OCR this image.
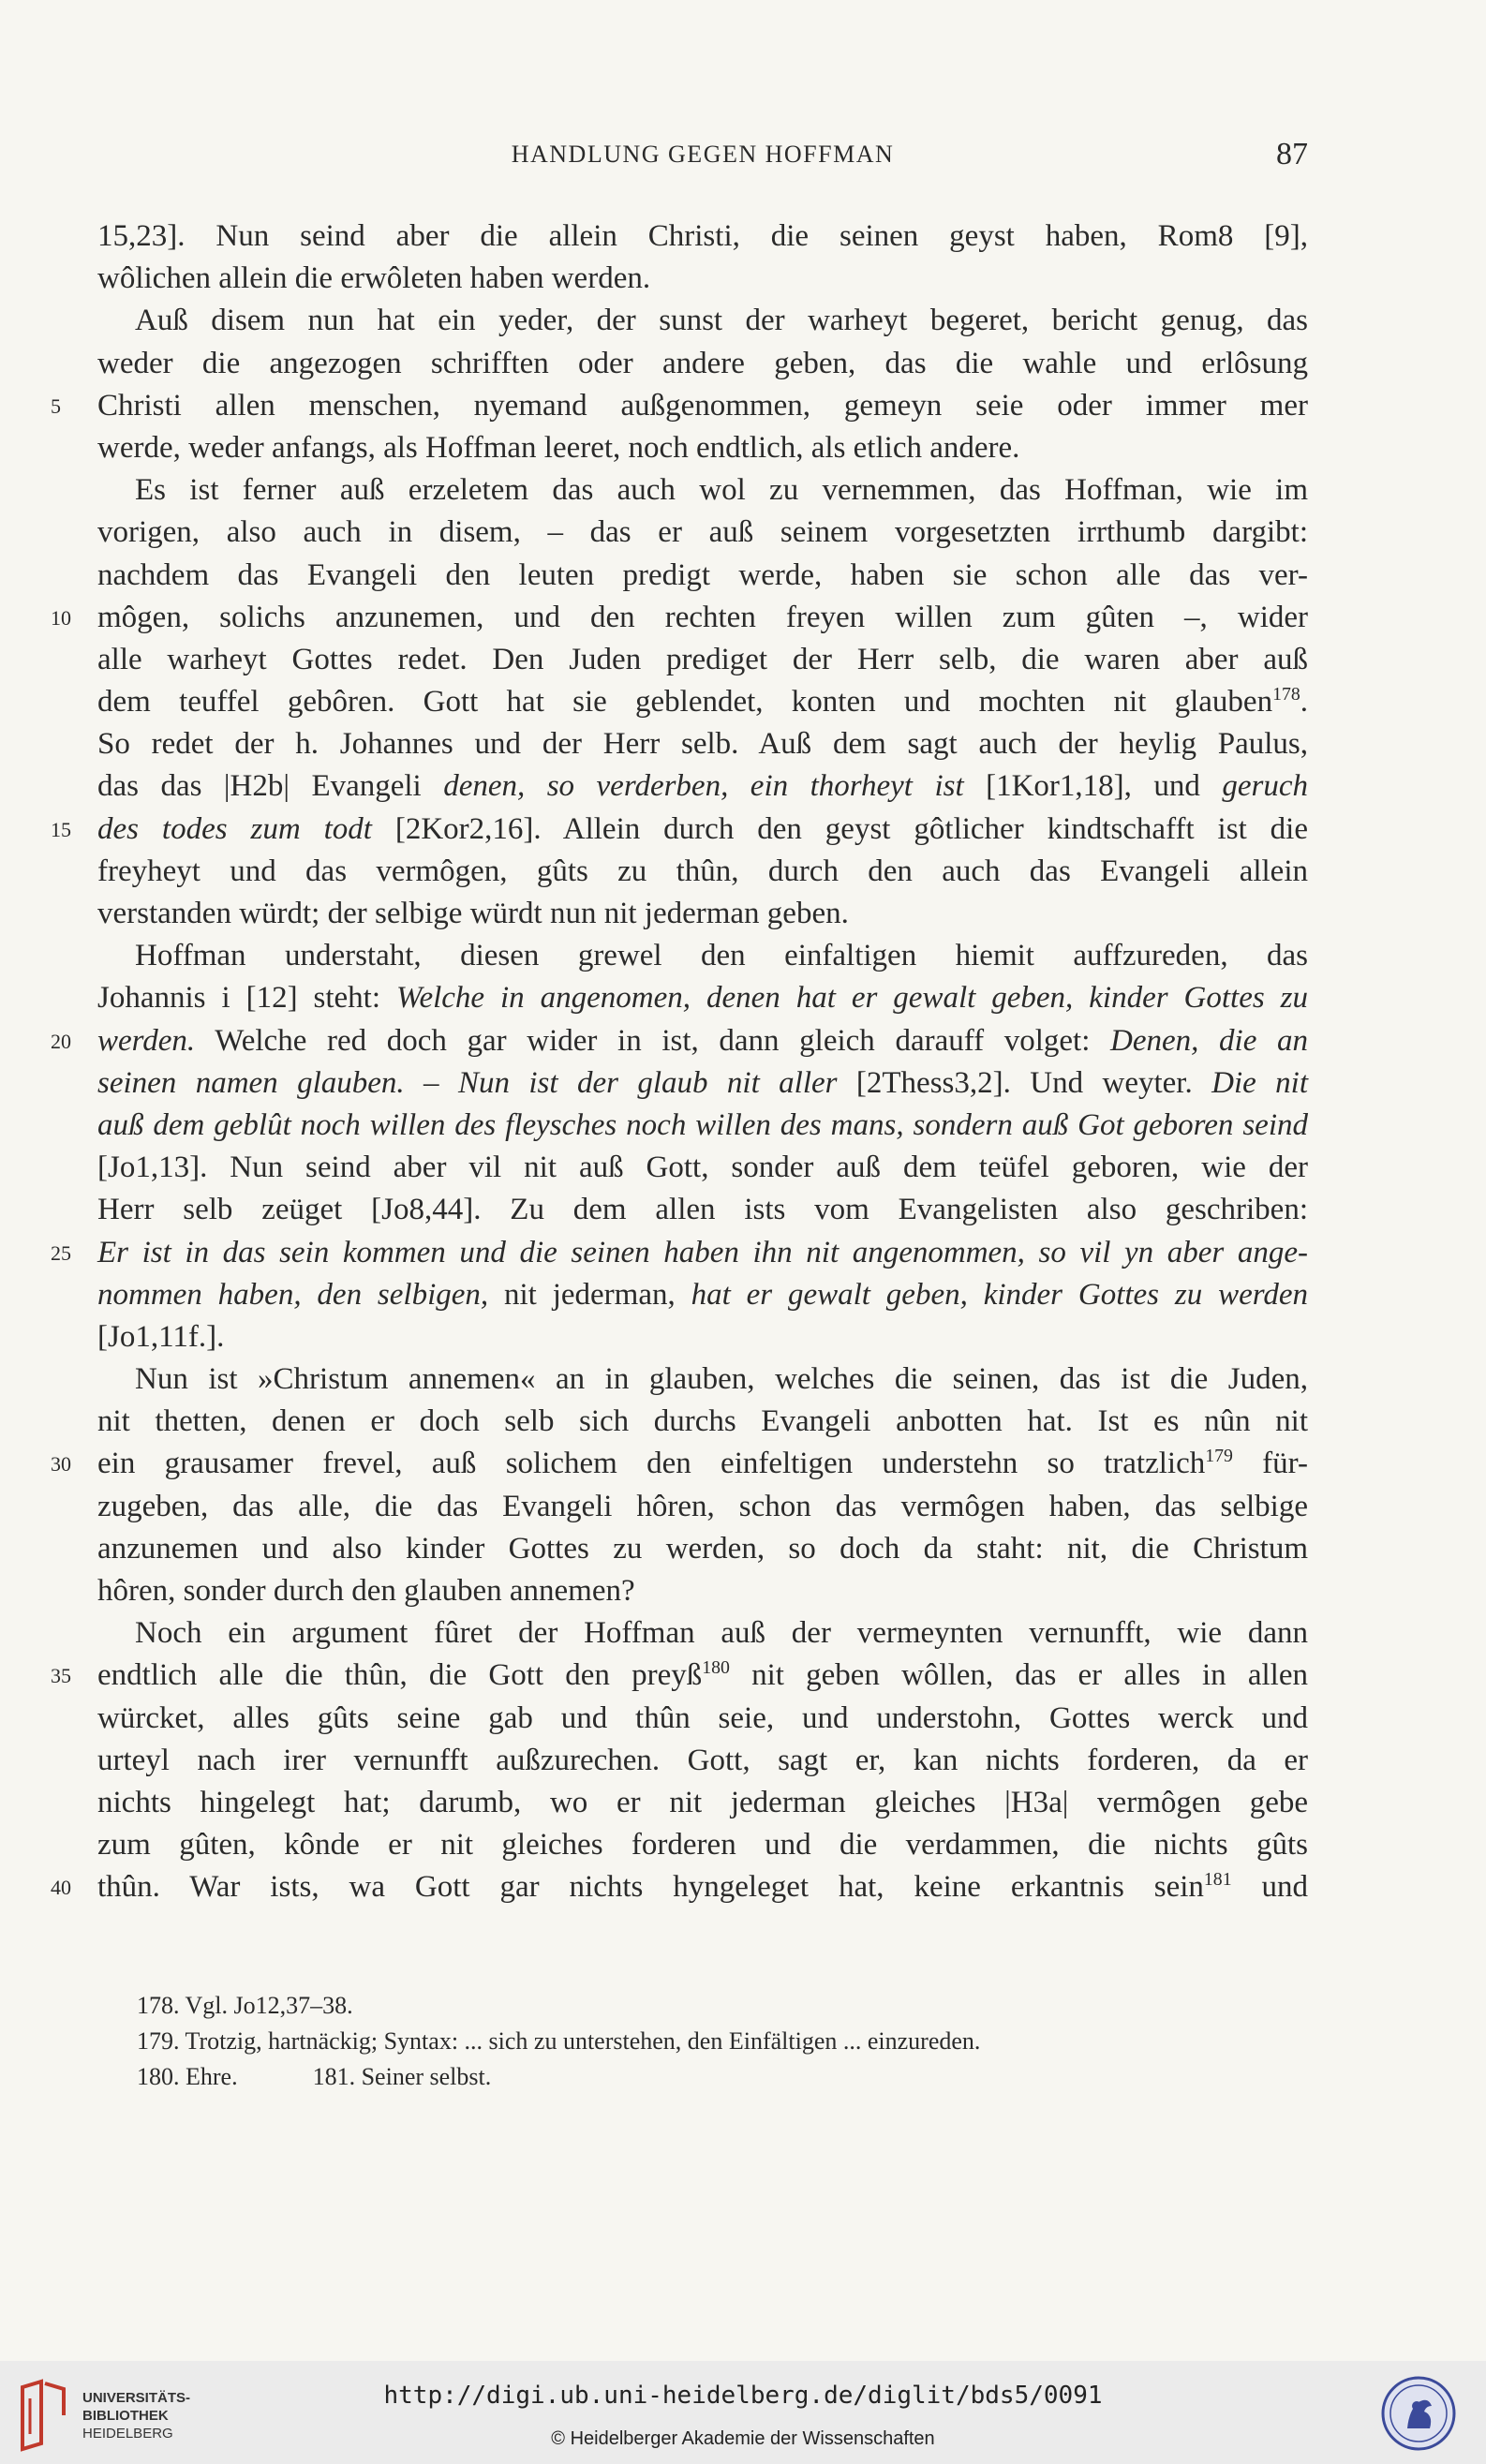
HANDLUNG GEGEN HOFFMAN	87
15,23]. Nun seind aber die allein Christi, die seinen geyst haben, Rom8 [9],
wôlichen allein die erwôleten haben werden.
Auß disem nun hat ein yeder, der sunst der warheyt begeret, bericht genug, das
weder die angezogen schrifften oder andere geben, das die wahle und erlôsung
5	Christi allen menschen, nyemand außgenommen, gemeyn seie oder immer mer
werde, weder anfangs, als Hoffman leeret, noch endtlich, als etlich andere.
Es ist ferner auß erzeletem das auch wol zu vernemmen, das Hoffman, wie im
vorigen, also auch in disem, – das er auß seinem vorgesetzten irrthumb dargibt:
nachdem das Evangeli den leuten predigt werde, haben sie schon alle das ver-
10 môgen, solichs anzunemen, und den rechten freyen willen zum gûten –, wider
alle warheyt Gottes redet. Den Juden prediget der Herr selb, die waren aber auß
dem teuffel gebôren. Gott hat sie geblendet, konten und mochten nit glauben$^{178}$.
So redet der h. Johannes und der Herr selb. Auß dem sagt auch der heylig Paulus,
das das |H2b| Evangeli denen, so verderben, ein thorheyt ist [1Kor1,18], und geruch
15 des todes zum todt [2Kor2,16]. Allein durch den geyst gôtlicher kindtschafft ist die
freyheyt und das vermôgen, gûts zu thûn, durch den auch das Evangeli allein
verstanden würdt; der selbige würdt nun nit jederman geben.
Hoffman understaht, diesen grewel den einfaltigen hiemit auffzureden, das
Johannis i [12] steht: Welche in angenomen, denen hat er gewalt geben, kinder Gottes zu
20 werden. Welche red doch gar wider in ist, dann gleich darauff volget: Denen, die an
seinen namen glauben. – Nun ist der glaub nit aller [2Thess3,2]. Und weyter. Die nit
auß dem geblût noch willen des fleysches noch willen des mans, sondern auß Got geboren seind
[Jo1,13]. Nun seind aber vil nit auß Gott, sonder auß dem teüfel geboren, wie der
Herr selb zeüget [Jo8,44]. Zu dem allen ists vom Evangelisten also geschriben:
25 Er ist in das sein kommen und die seinen haben ihn nit angenommen, so vil yn aber ange-
nommen haben, den selbigen, nit jederman, hat er gewalt geben, kinder Gottes zu werden
[Jo1,11f.].
Nun ist »Christum annemen« an in glauben, welches die seinen, das ist die Juden,
nit thetten, denen er doch selb sich durchs Evangeli anbotten hat. Ist es nûn nit
30 ein grausamer frevel, auß solichem den einfeltigen understehn so tratzlich$^{179}$ für-
zugeben, das alle, die das Evangeli hôren, schon das vermôgen haben, das selbige
anzunemen und also kinder Gottes zu werden, so doch da staht: nit, die Christum
hôren, sonder durch den glauben annemen?
Noch ein argument fûret der Hoffman auß der vermeynten vernunfft, wie dann
35 endtlich alle die thûn, die Gott den preyß$^{180}$ nit geben wôllen, das er alles in allen
würcket, alles gûts seine gab und thûn seie, und understohn, Gottes werck und
urteyl nach irer vernunfft außzurechen. Gott, sagt er, kan nichts forderen, da er
nichts hingelegt hat; darumb, wo er nit jederman gleiches |H3a| vermôgen gebe
zum gûten, kônde er nit gleiches forderen und die verdammen, die nichts gûts
40 thûn. War ists, wa Gott gar nichts hyngeleget hat, keine erkantnis sein$^{181}$ und
178. Vgl. Jo12,37–38.
179. Trotzig, hartnäckig; Syntax: ... sich zu unterstehen, den Einfältigen ... einzureden.
180. Ehre.	181. Seiner selbst.
UNIVERSITÄTS-
BIBLIOTHEK
HEIDELBERG
http://digi.ub.uni-heidelberg.de/diglit/bds5/0091
© Heidelberger Akademie der Wissenschaften
